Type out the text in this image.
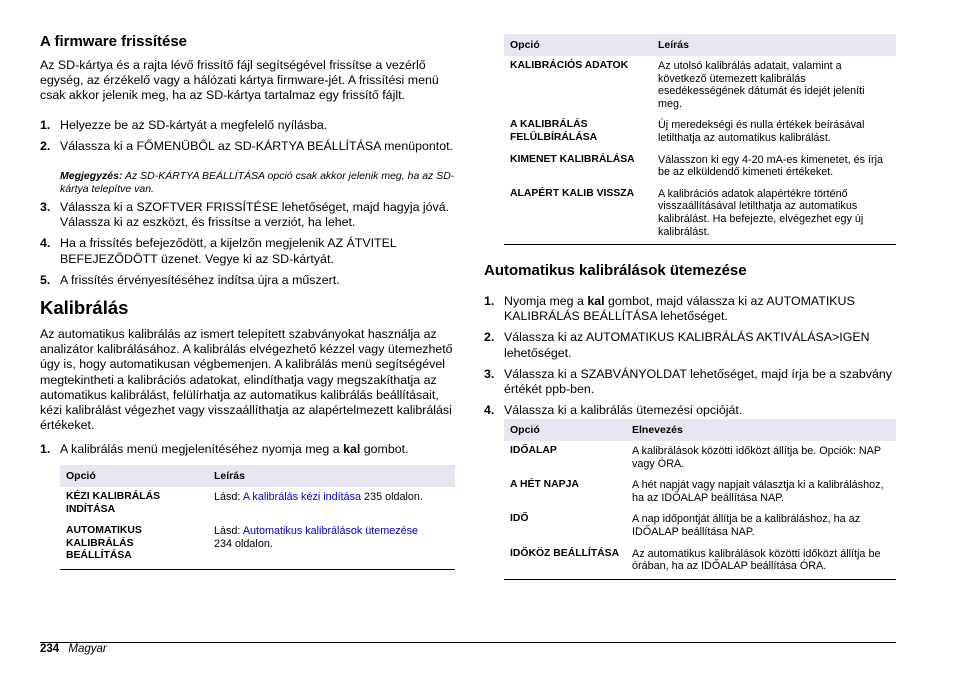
A firmware frissítése

Az SD-kártya és a rajta lévő frissítő fájl segítségével frissítse a vezérlő egység, az érzékelő vagy a hálózati kártya firmware-jét. A frissítési menü csak akkor jelenik meg, ha az SD-kártya tartalmaz egy frissítő fájlt.

1. Helyezze be az SD-kártyát a megfelelő nyílásba.
2. Válassza ki a FŐMENÜBŐL az SD-KÁRTYA BEÁLLÍTÁSA menüpontot.
Megjegyzés: Az SD-KÁRTYA BEÁLLÍTÁSA opció csak akkor jelenik meg, ha az SD-kártya telepítve van.
3. Válassza ki a SZOFTVER FRISSÍTÉSE lehetőséget, majd hagyja jóvá. Válassza ki az eszközt, és frissítse a verziót, ha lehet.
4. Ha a frissítés befejeződött, a kijelzőn megjelenik AZ ÁTVITEL BEFEJEZŐDÖTT üzenet. Vegye ki az SD-kártyát.
5. A frissítés érvényesítéséhez indítsa újra a műszert.
Kalibrálás

Az automatikus kalibrálás az ismert telepített szabványokat használja az analizátor kalibrálásához. A kalibrálás elvégezhető kézzel vagy ütemezhető úgy is, hogy automatikusan végbemenjen. A kalibrálás menü segítségével megtekintheti a kalibrációs adatokat, elindíthatja vagy megszakíthatja az automatikus kalibrálást, felülírhatja az automatikus kalibrálás beállításait, kézi kalibrálást végezhet vagy visszaállíthatja az alapértelmezett kalibrálási értékeket.

1. A kalibrálás menü megjelenítéséhez nyomja meg a kal gombot.
Opció	Leírás
KÉZI KALIBRÁLÁS INDÍTÁSA	Lásd: A kalibrálás kézi indítása 235 oldalon.
AUTOMATIKUS KALIBRÁLÁS BEÁLLÍTÁSA	Lásd: Automatikus kalibrálások ütemezése
234 oldalon.
Opció	Leírás
KALIBRÁCIÓS ADATOK	Az utolsó kalibrálás adatait, valamint a következő ütemezett kalibrálás esedékességének dátumát és idejét jeleníti meg.
A KALIBRÁLÁS FELÜLBÍRÁLÁSA	Új meredekségi és nulla értékek beírásával letilthatja az automatikus kalibrálást.
KIMENET KALIBRÁLÁSA	Válasszon ki egy 4-20 mA-es kimenetet, és írja be az elküldendő kimeneti értékeket.
ALAPÉRT KALIB VISSZA	A kalibrációs adatok alapértékre történő visszaállításával letilthatja az automatikus kalibrálást. Ha befejezte, elvégezhet egy új kalibrálást.
Automatikus kalibrálások ütemezése
1. Nyomja meg a kal gombot, majd válassza ki az AUTOMATIKUS KALIBRÁLÁS BEÁLLÍTÁSA lehetőséget.
2. Válassza ki az AUTOMATIKUS KALIBRÁLÁS AKTIVÁLÁSA>IGEN lehetőséget.
3. Válassza ki a SZABVÁNYOLDAT lehetőséget, majd írja be a szabvány értékét ppb-ben.
4. Válassza ki a kalibrálás ütemezési opcióját.
Opció	Elnevezés
IDŐALAP	A kalibrálások közötti időközt állítja be. Opciók: NAP vagy ÓRA.
A HÉT NAPJA	A hét napját vagy napjait választja ki a kalibráláshoz, ha az IDŐALAP beállítása NAP.
IDŐ	A nap időpontját állítja be a kalibráláshoz, ha az IDŐALAP beállítása NAP.
IDŐKÖZ BEÁLLÍTÁSA	Az automatikus kalibrálások közötti időközt állítja be órában, ha az IDŐALAP beállítása ÓRA.
234 Magyar
